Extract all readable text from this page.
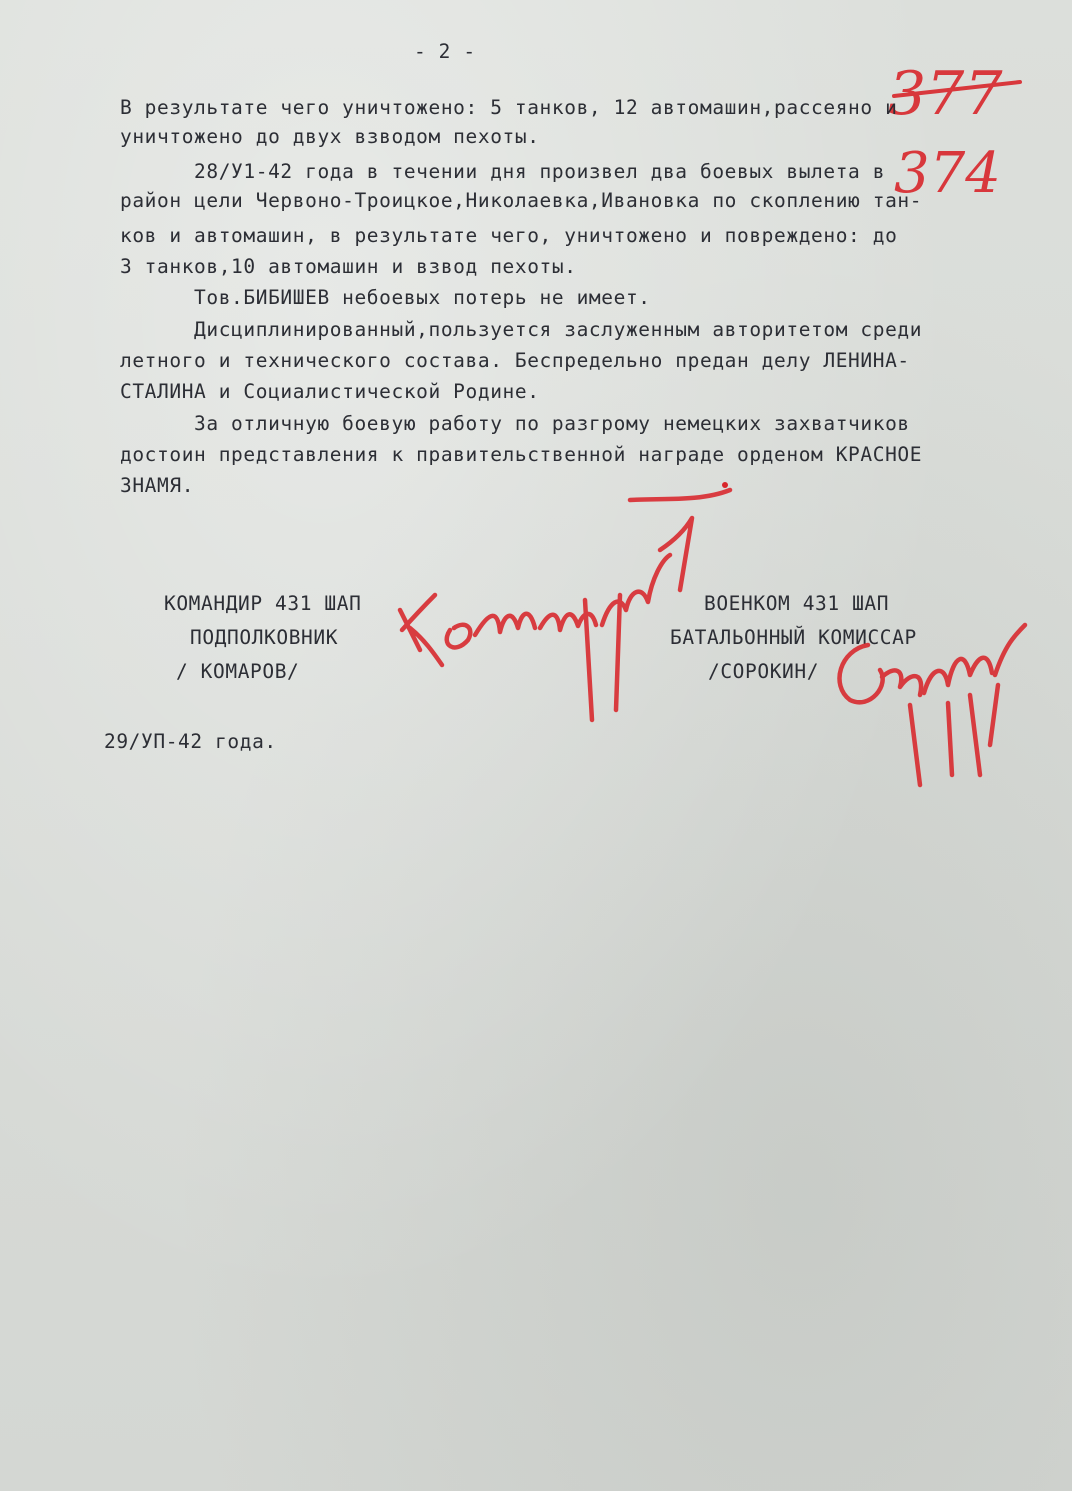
- 2 -
377
374
В результате чего уничтожено: 5 танков, 12 автомашин,рассеяно и
уничтожено до двух взводом пехоты.
28/У1-42 года в течении дня произвел два боевых вылета в
район цели Червоно-Троицкое,Николаевка,Ивановка по скоплению тан-
ков и автомашин, в результате чего, уничтожено и повреждено: до
3 танков,10 автомашин и взвод пехоты.
Тов.БИБИШЕВ небоевых потерь не имеет.
Дисциплинированный,пользуется заслуженным авторитетом среди
летного и технического состава. Беспредельно предан делу ЛЕНИНА-
СТАЛИНА и Социалистической Родине.
За отличную боевую работу по разгрому немецких захватчиков
достоин представления к правительственной награде орденом КРАСНОЕ
ЗНАМЯ.
КОМАНДИР 431 ШАП
ПОДПОЛКОВНИК
/ КОМАРОВ/
ВОЕНКОМ 431 ШАП
БАТАЛЬОННЫЙ КОМИССАР
/СОРОКИН/
29/УП-42 года.
